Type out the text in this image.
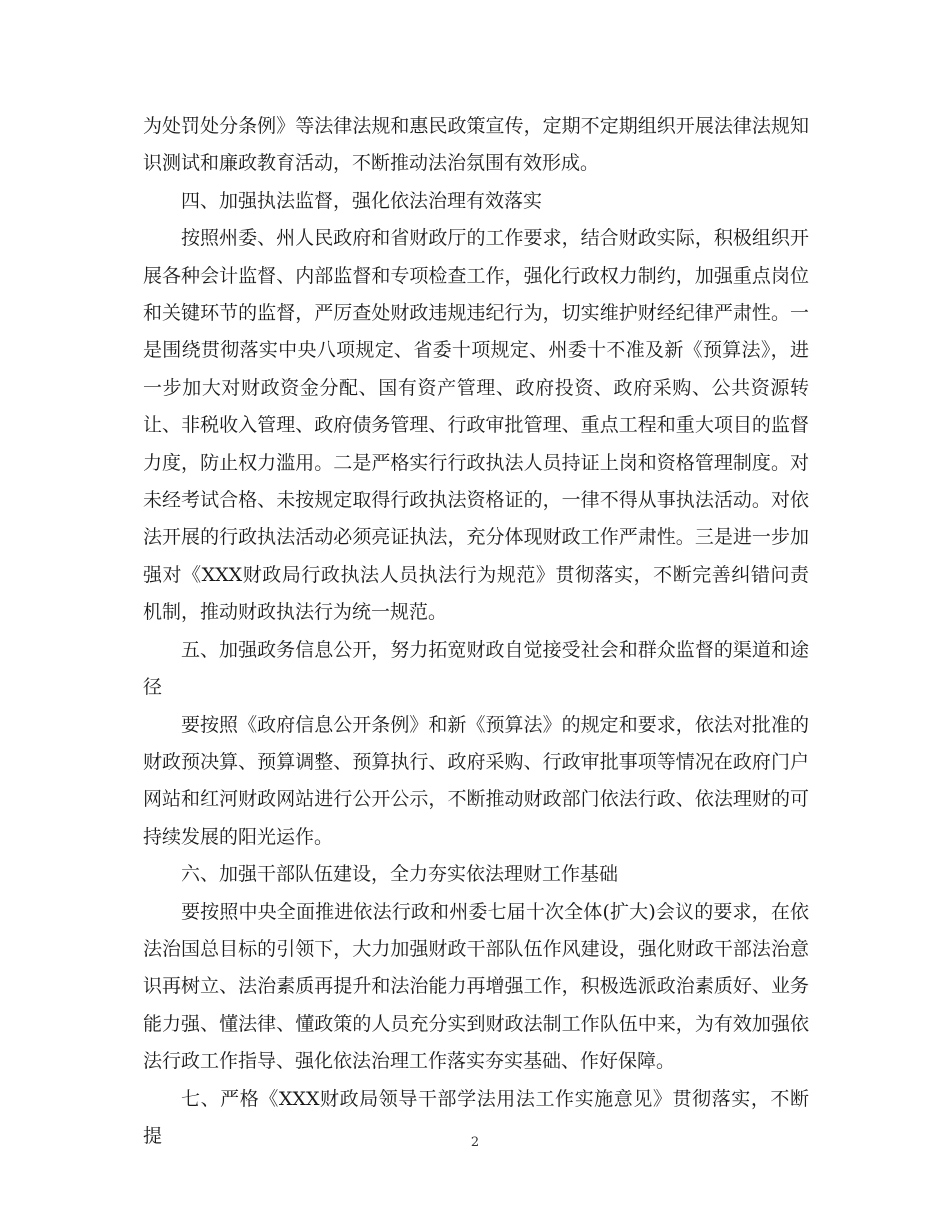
为处罚处分条例》等法律法规和惠民政策宣传，定期不定期组织开展法律法规知识测试和廉政教育活动，不断推动法治氛围有效形成。

四、加强执法监督，强化依法治理有效落实

按照州委、州人民政府和省财政厅的工作要求，结合财政实际，积极组织开展各种会计监督、内部监督和专项检查工作，强化行政权力制约，加强重点岗位和关键环节的监督，严厉查处财政违规违纪行为，切实维护财经纪律严肃性。一是围绕贯彻落实中央八项规定、省委十项规定、州委十不准及新《预算法》，进一步加大对财政资金分配、国有资产管理、政府投资、政府采购、公共资源转让、非税收入管理、政府债务管理、行政审批管理、重点工程和重大项目的监督力度，防止权力滥用。二是严格实行行政执法人员持证上岗和资格管理制度。对未经考试合格、未按规定取得行政执法资格证的，一律不得从事执法活动。对依法开展的行政执法活动必须亮证执法，充分体现财政工作严肃性。三是进一步加强对《XXX财政局行政执法人员执法行为规范》贯彻落实，不断完善纠错问责机制，推动财政执法行为统一规范。

五、加强政务信息公开，努力拓宽财政自觉接受社会和群众监督的渠道和途径

要按照《政府信息公开条例》和新《预算法》的规定和要求，依法对批准的财政预决算、预算调整、预算执行、政府采购、行政审批事项等情况在政府门户网站和红河财政网站进行公开公示，不断推动财政部门依法行政、依法理财的可持续发展的阳光运作。

六、加强干部队伍建设，全力夯实依法理财工作基础

要按照中央全面推进依法行政和州委七届十次全体(扩大)会议的要求，在依法治国总目标的引领下，大力加强财政干部队伍作风建设，强化财政干部法治意识再树立、法治素质再提升和法治能力再增强工作，积极选派政治素质好、业务能力强、懂法律、懂政策的人员充分实到财政法制工作队伍中来，为有效加强依法行政工作指导、强化依法治理工作落实夯实基础、作好保障。

七、严格《XXX财政局领导干部学法用法工作实施意见》贯彻落实，不断提	2
